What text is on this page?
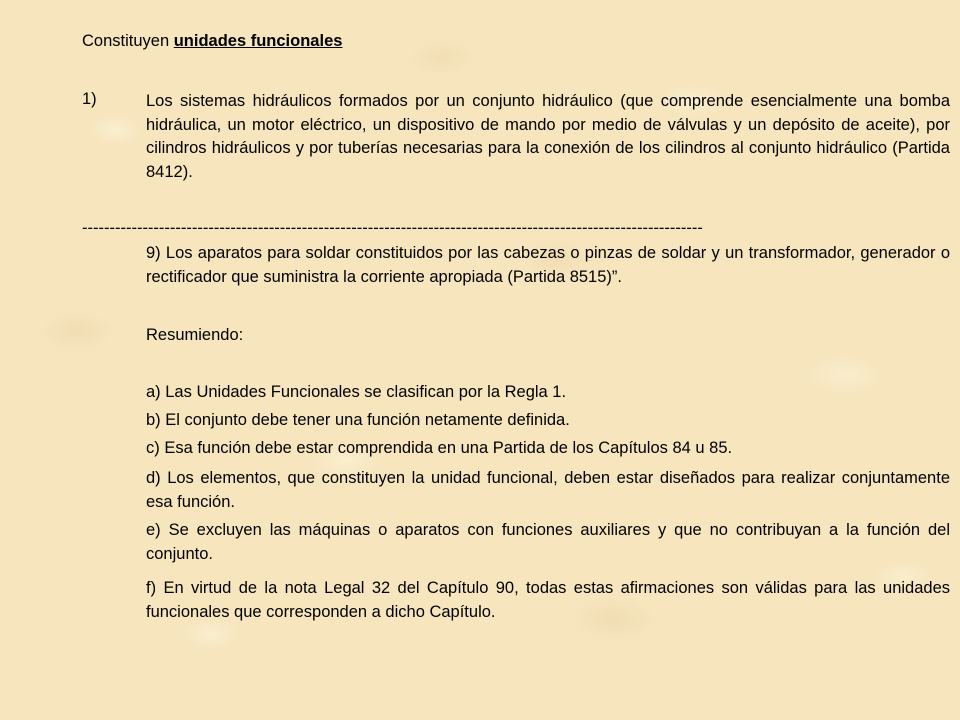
Constituyen unidades funcionales
1)	Los sistemas hidráulicos formados por un conjunto hidráulico (que comprende esencialmente una bomba hidráulica, un motor eléctrico, un dispositivo de mando por medio de válvulas y un depósito de aceite), por cilindros hidráulicos y por tuberías necesarias para la conexión de los cilindros al conjunto hidráulico (Partida 8412).

-----------------------------------------------------------------------------------------------------------------

9) Los aparatos para soldar constituidos por las cabezas o pinzas de soldar y un transformador, generador o rectificador que suministra la corriente apropiada (Partida 8515)”.

Resumiendo:

a) Las Unidades Funcionales se clasifican por la Regla 1.

b) El conjunto debe tener una función netamente definida.

c) Esa función debe estar comprendida en una Partida de los Capítulos 84 u 85.

d) Los elementos, que constituyen la unidad funcional, deben estar diseñados para realizar conjuntamente esa función.

e) Se excluyen las máquinas o aparatos con funciones auxiliares y que no contribuyan a la función del conjunto.

f) En virtud de la nota Legal 32 del Capítulo 90, todas estas afirmaciones son válidas para las unidades funcionales que corresponden a dicho Capítulo.
